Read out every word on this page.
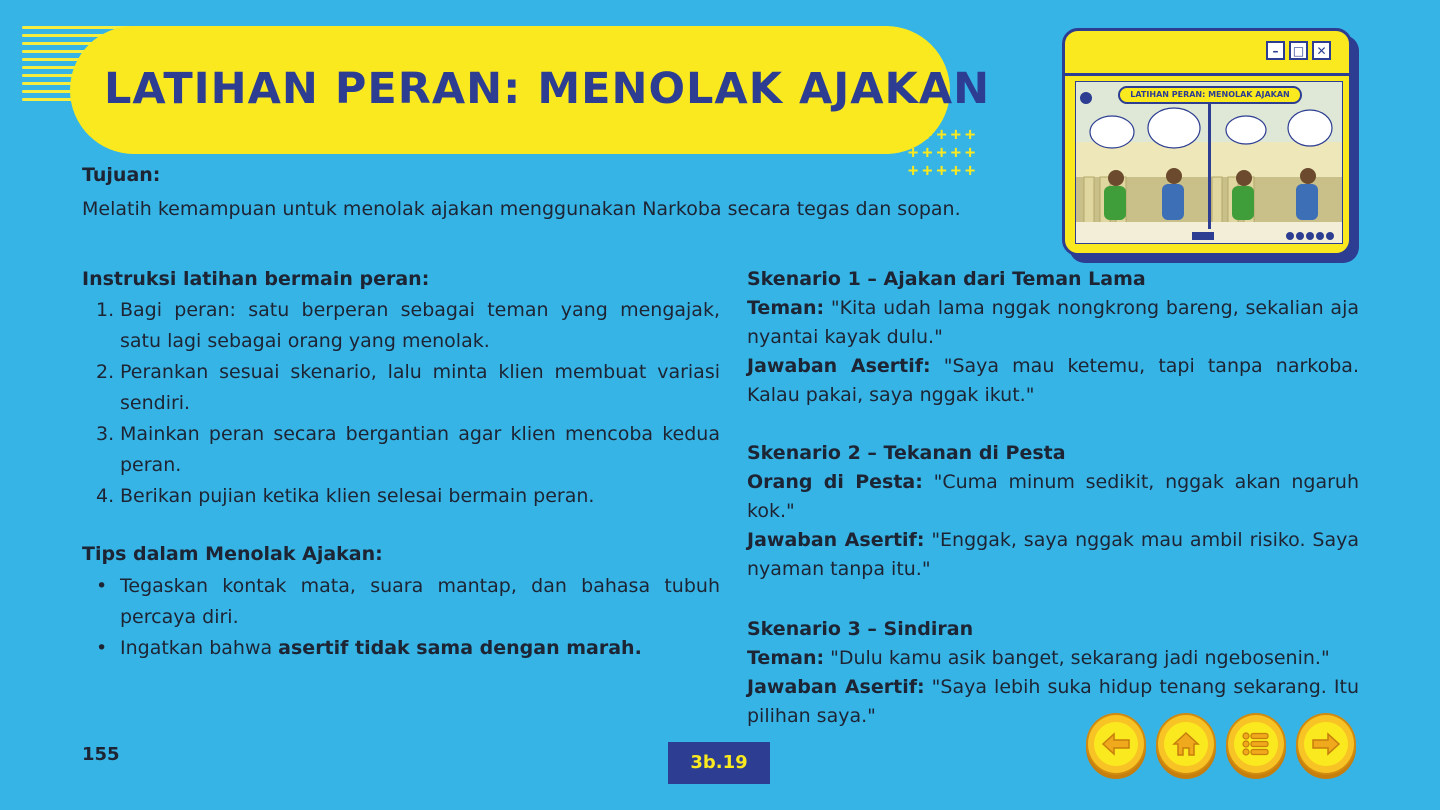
LATIHAN PERAN: MENOLAK AJAKAN
+++++
+++++
+++++
Tujuan:
Melatih kemampuan untuk menolak ajakan menggunakan Narkoba secara tegas dan sopan.
–	□	✕
LATIHAN PERAN: MENOLAK AJAKAN
Instruksi latihan bermain peran:
1. Bagi peran: satu berperan sebagai teman yang mengajak, satu lagi sebagai orang yang menolak.
2. Perankan sesuai skenario, lalu minta klien membuat variasi sendiri.
3. Mainkan peran secara bergantian agar klien mencoba kedua peran.
4. Berikan pujian ketika klien selesai bermain peran.
Tips dalam Menolak Ajakan:
• Tegaskan kontak mata, suara mantap, dan bahasa tubuh percaya diri.
• Ingatkan bahwa asertif tidak sama dengan marah.
Skenario 1 – Ajakan dari Teman Lama
Teman: "Kita udah lama nggak nongkrong bareng, sekalian aja nyantai kayak dulu."
Jawaban Asertif: "Saya mau ketemu, tapi tanpa narkoba. Kalau pakai, saya nggak ikut."
Skenario 2 – Tekanan di Pesta
Orang di Pesta: "Cuma minum sedikit, nggak akan ngaruh kok."
Jawaban Asertif: "Enggak, saya nggak mau ambil risiko. Saya nyaman tanpa itu."
Skenario 3 – Sindiran
Teman: "Dulu kamu asik banget, sekarang jadi ngebosenin."
Jawaban Asertif: "Saya lebih suka hidup tenang sekarang. Itu pilihan saya."
155	3b.19
